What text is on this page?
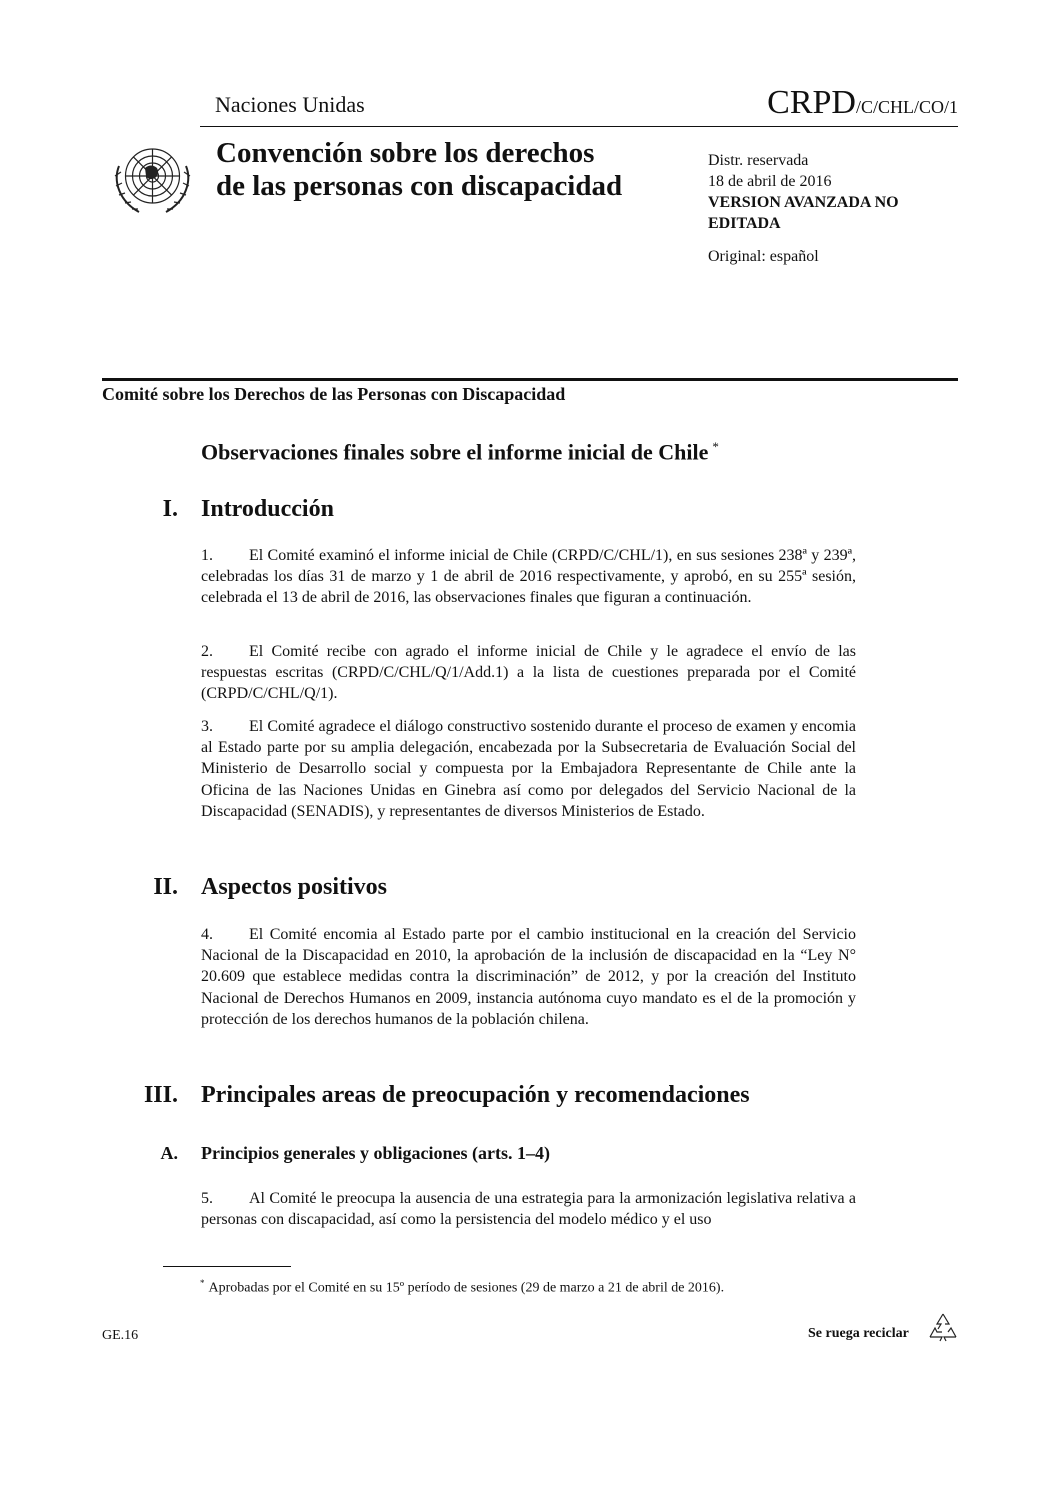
Naciones Unidas	CRPD/C/CHL/CO/1
Convención sobre los derechos
de las personas con discapacidad
Distr. reservada
18 de abril de 2016
VERSION AVANZADA NO
EDITADA
Original: español
Comité sobre los Derechos de las Personas con Discapacidad
Observaciones finales sobre el informe inicial de Chile *
I. Introducción
1. El Comité examinó el informe inicial de Chile (CRPD/C/CHL/1), en sus sesiones 238ª y 239ª, celebradas los días 31 de marzo y 1 de abril de 2016 respectivamente, y aprobó, en su 255ª sesión, celebrada el 13 de abril de 2016, las observaciones finales que figuran a continuación.
2. El Comité recibe con agrado el informe inicial de Chile y le agradece el envío de las respuestas escritas (CRPD/C/CHL/Q/1/Add.1) a la lista de cuestiones preparada por el Comité (CRPD/C/CHL/Q/1).
3. El Comité agradece el diálogo constructivo sostenido durante el proceso de examen y encomia al Estado parte por su amplia delegación, encabezada por la Subsecretaria de Evaluación Social del Ministerio de Desarrollo social y compuesta por la Embajadora Representante de Chile ante la Oficina de las Naciones Unidas en Ginebra así como por delegados del Servicio Nacional de la Discapacidad (SENADIS), y representantes de diversos Ministerios de Estado.
II. Aspectos positivos
4. El Comité encomia al Estado parte por el cambio institucional en la creación del Servicio Nacional de la Discapacidad en 2010, la aprobación de la inclusión de discapacidad en la “Ley N° 20.609 que establece medidas contra la discriminación” de 2012, y por la creación del Instituto Nacional de Derechos Humanos en 2009, instancia autónoma cuyo mandato es el de la promoción y protección de los derechos humanos de la población chilena.
III. Principales areas de preocupación y recomendaciones
A. Principios generales y obligaciones (arts. 1–4)
5. Al Comité le preocupa la ausencia de una estrategia para la armonización legislativa relativa a personas con discapacidad, así como la persistencia del modelo médico y el uso
* Aprobadas por el Comité en su 15º período de sesiones (29 de marzo a 21 de abril de 2016).
GE.16	Se ruega reciclar
